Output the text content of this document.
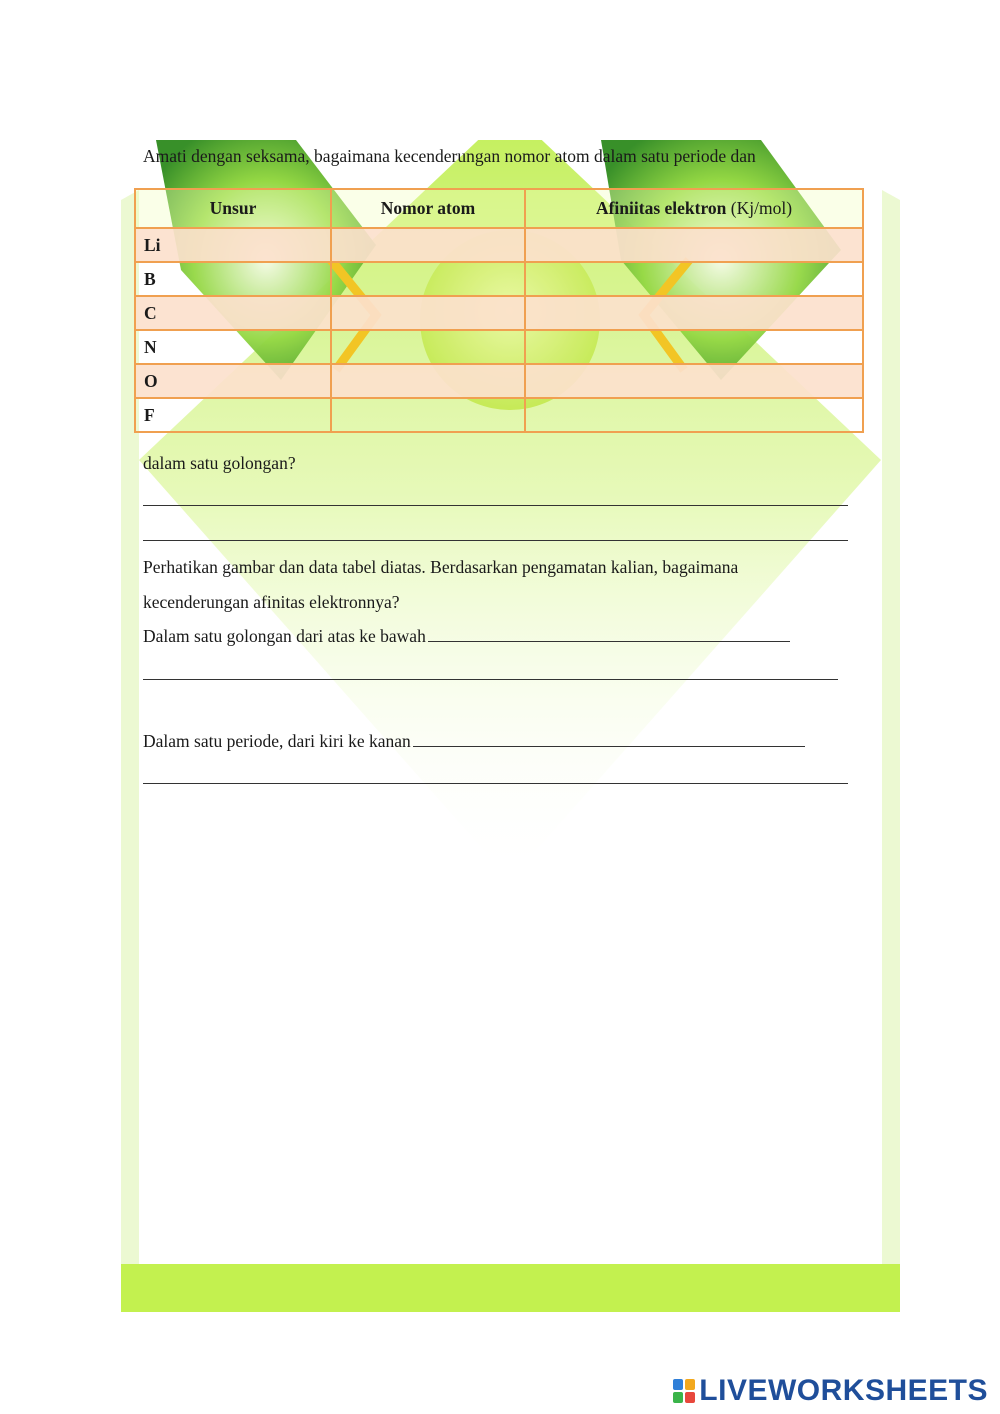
Amati dengan seksama, bagaimana kecenderungan nomor atom dalam satu periode dan
Unsur	Nomor atom	Afiniitas elektron (Kj/mol)
Li		
B		
C		
N		
O		
F		
dalam satu golongan?
Perhatikan gambar dan data tabel diatas. Berdasarkan pengamatan kalian, bagaimana
kecenderungan afinitas elektronnya?
Dalam satu golongan dari atas ke bawah
Dalam satu periode, dari kiri ke kanan
LIVEWORKSHEETS
